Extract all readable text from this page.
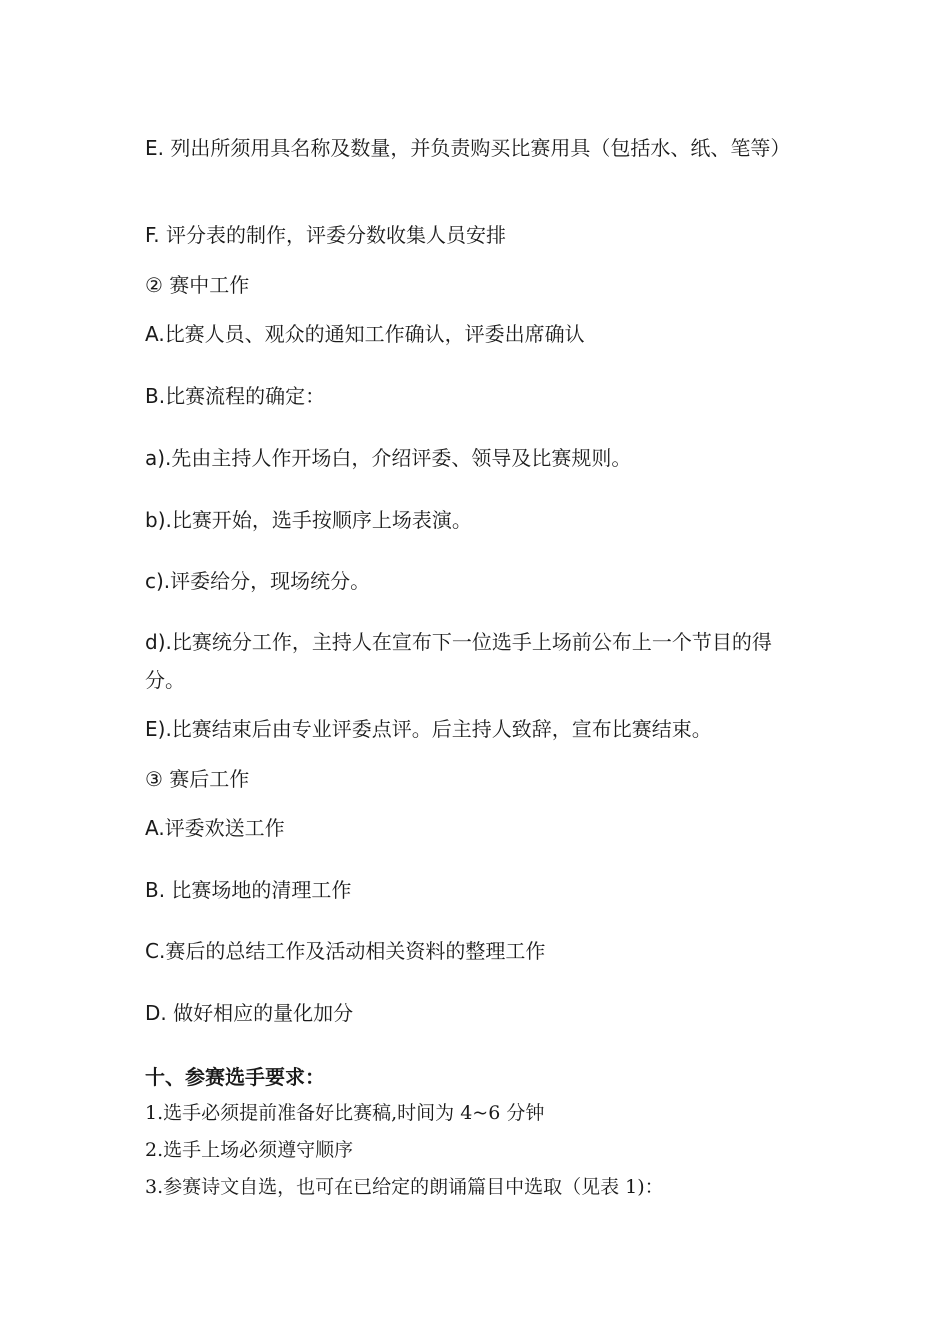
E. 列出所须用具名称及数量，并负责购买比赛用具（包括水、纸、笔等）
F. 评分表的制作，评委分数收集人员安排
② 赛中工作
A.比赛人员、观众的通知工作确认，评委出席确认
B.比赛流程的确定：
a).先由主持人作开场白，介绍评委、领导及比赛规则。
b).比赛开始，选手按顺序上场表演。
c).评委给分，现场统分。
d).比赛统分工作，主持人在宣布下一位选手上场前公布上一个节目的得分。
E).比赛结束后由专业评委点评。后主持人致辞，宣布比赛结束。
③ 赛后工作
A.评委欢送工作
B. 比赛场地的清理工作
C.赛后的总结工作及活动相关资料的整理工作
D. 做好相应的量化加分
十、参赛选手要求：
1.选手必须提前准备好比赛稿,时间为 4~6 分钟
2.选手上场必须遵守顺序
3.参赛诗文自选，也可在已给定的朗诵篇目中选取（见表 1)：
